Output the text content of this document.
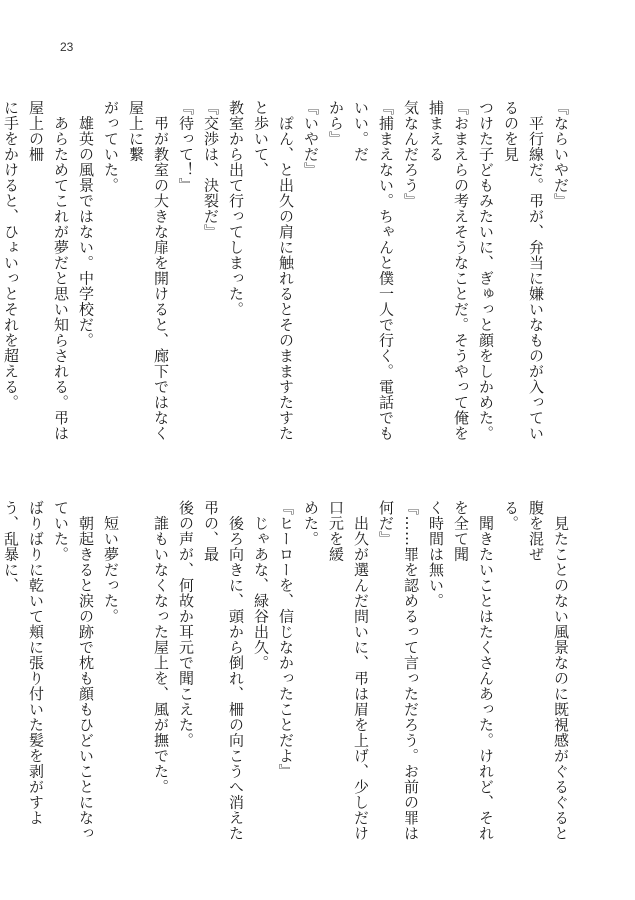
23

『ならいやだ』
　平行線だ。弔が、弁当に嫌いなものが入っているのを見
つけた子どもみたいに、ぎゅっと顔をしかめた。
『おまえらの考えそうなことだ。そうやって俺を捕まえる
気なんだろう』
『捕まえない。ちゃんと僕一人で行く。電話でもいい。だ
から』
『いやだ』
　ぽん、と出久の肩に触れるとそのまますたすたと歩いて、
教室から出て行ってしまった。
『交渉は、決裂だ』
『待って！』
　弔が教室の大きな扉を開けると、廊下ではなく屋上に繋
がっていた。
　雄英の風景ではない。中学校だ。
　あらためてこれが夢だと思い知らされる。弔は屋上の柵
に手をかけると、ひょいっとそれを超える。
　見たことのない風景なのに既視感がぐるぐると腹を混ぜ
る。
　聞きたいことはたくさんあった。けれど、それを全て聞
く時間は無い。
『……罪を認めるって言っただろう。お前の罪は何だ』
　出久が選んだ問いに、弔は眉を上げ、少しだけ口元を緩
めた。
『ヒーローを、信じなかったことだよ』
　じゃあな、緑谷出久。
　後ろ向きに、頭から倒れ、柵の向こうへ消えた弔の、最
後の声が、何故か耳元で聞こえた。
　誰もいなくなった屋上を、風が撫でた。

　短い夢だった。
　朝起きると涙の跡で枕も顔もひどいことになっていた。
ばりばりに乾いて頬に張り付いた髪を剥がすよう、乱暴に、
